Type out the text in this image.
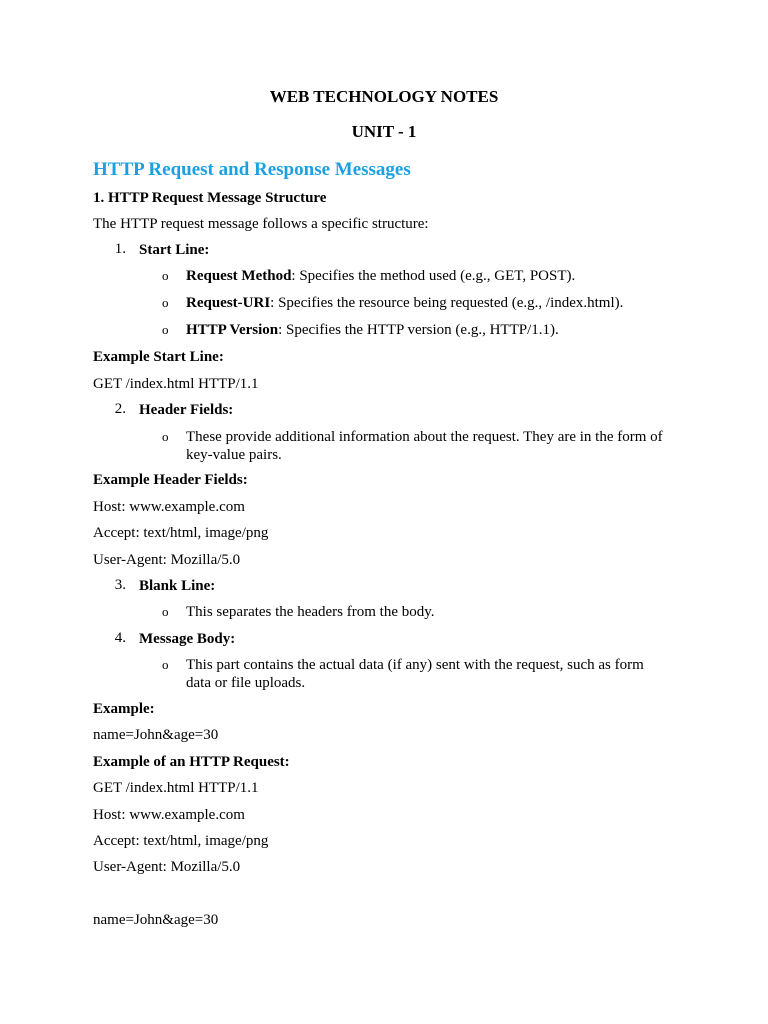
WEB TECHNOLOGY NOTES
UNIT - 1
HTTP Request and Response Messages
1. HTTP Request Message Structure
The HTTP request message follows a specific structure:
1. Start Line:
o Request Method: Specifies the method used (e.g., GET, POST).
o Request-URI: Specifies the resource being requested (e.g., /index.html).
o HTTP Version: Specifies the HTTP version (e.g., HTTP/1.1).
Example Start Line:
GET /index.html HTTP/1.1
2. Header Fields:
o These provide additional information about the request. They are in the form of key-value pairs.
Example Header Fields:
Host: www.example.com
Accept: text/html, image/png
User-Agent: Mozilla/5.0
3. Blank Line:
o This separates the headers from the body.
4. Message Body:
o This part contains the actual data (if any) sent with the request, such as form data or file uploads.
Example:
name=John&age=30
Example of an HTTP Request:
GET /index.html HTTP/1.1
Host: www.example.com
Accept: text/html, image/png
User-Agent: Mozilla/5.0
name=John&age=30
